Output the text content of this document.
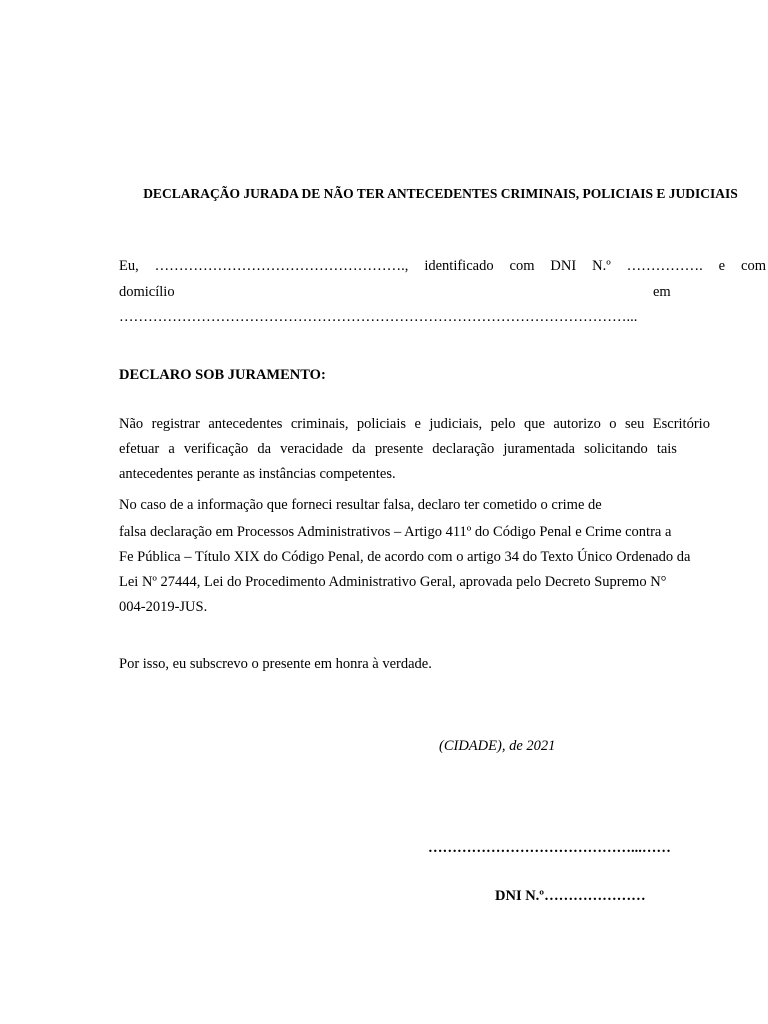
DECLARAÇÃO JURADA DE NÃO TER ANTECEDENTES CRIMINAIS, POLICIAIS E JUDICIAIS
Eu, ……………………………………………., identificado com DNI N.º ……………. e com
domicílio	em
……………………………………………………………………………………………...
DECLARO SOB JURAMENTO:
Não registrar antecedentes criminais, policiais e judiciais, pelo que autorizo o seu Escritório
efetuar a verificação da veracidade da presente declaração juramentada solicitando tais
antecedentes perante as instâncias competentes.
No caso de a informação que forneci resultar falsa, declaro ter cometido o crime de
falsa declaração em Processos Administrativos – Artigo 411º do Código Penal e Crime contra a
Fe Pública – Título XIX do Código Penal, de acordo com o artigo 34 do Texto Único Ordenado da
Lei Nº 27444, Lei do Procedimento Administrativo Geral, aprovada pelo Decreto Supremo N°
004-2019-JUS.
Por isso, eu subscrevo o presente em honra à verdade.
(CIDADE), de 2021
……………………………………...……
DNI N.º…………………
